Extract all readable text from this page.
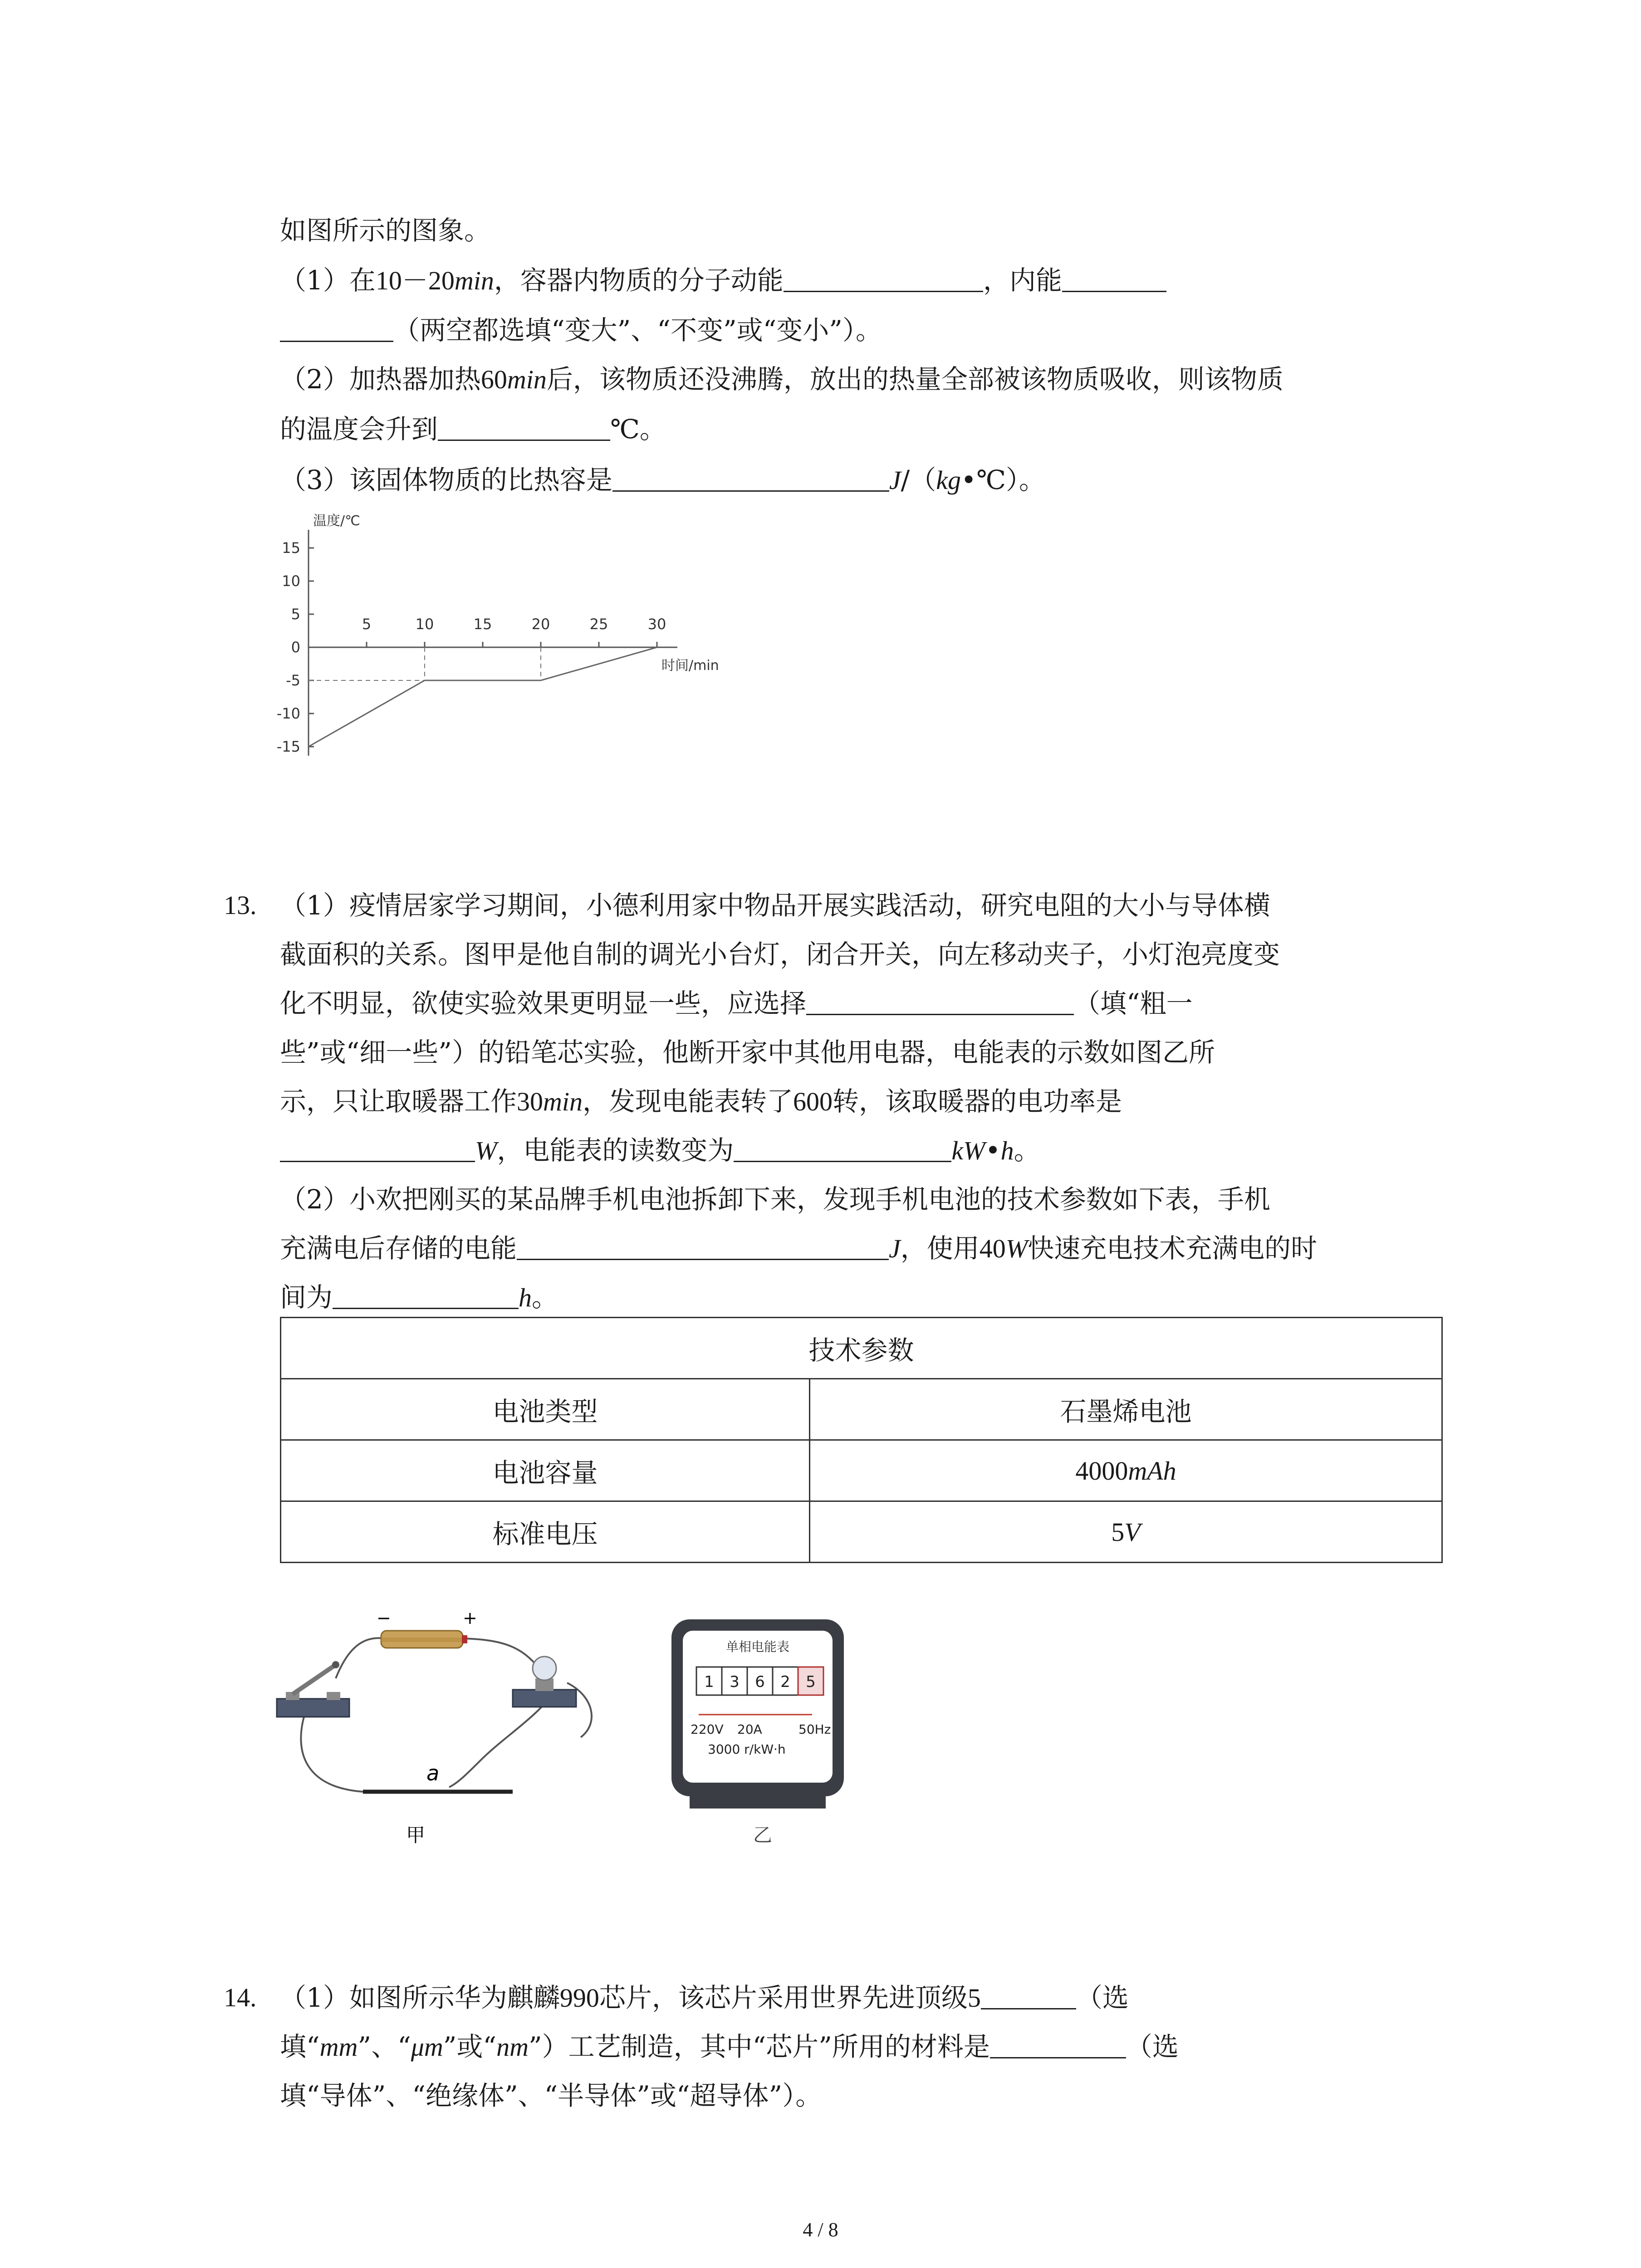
如图所示的图象。
（1）在10－20min，容器内物质的分子动能	，内能
（两空都选填“变大”、“不变”或“变小”）。
（2）加热器加热60min后，该物质还没沸腾，放出的热量全部被该物质吸收，则该物质
的温度会升到	℃。
（3）该固体物质的比热容是	J/（kg•℃）。
15
10
5
0
-5
-10
-15
5	10	15	20	25	30
温度/℃
时间/min
13. （1）疫情居家学习期间，小德利用家中物品开展实践活动，研究电阻的大小与导体横
截面积的关系。图甲是他自制的调光小台灯，闭合开关，向左移动夹子，小灯泡亮度变
化不明显，欲使实验效果更明显一些，应选择	（填“粗一
些”或“细一些”）的铅笔芯实验，他断开家中其他用电器，电能表的示数如图乙所
示，只让取暖器工作30min，发现电能表转了600转，该取暖器的电功率是
W，电能表的读数变为	kW•h。
（2）小欢把刚买的某品牌手机电池拆卸下来，发现手机电池的技术参数如下表，手机
充满电后存储的电能	J，使用40W快速充电技术充满电的时
间为	h。
技术参数	
电池类型	石墨烯电池
电池容量	4000mAh
标准电压	5V
−	+
a
甲
单相电能表
1 3 6 2 5
220V 20A	50Hz
3000 r/kW·h
乙
14. （1）如图所示华为麒麟990芯片，该芯片采用世界先进顶级5	（选
填“mm”、“μm”或“nm”）工艺制造，其中“芯片”所用的材料是	（选
填“导体”、“绝缘体”、“半导体”或“超导体”）。
4 / 8
